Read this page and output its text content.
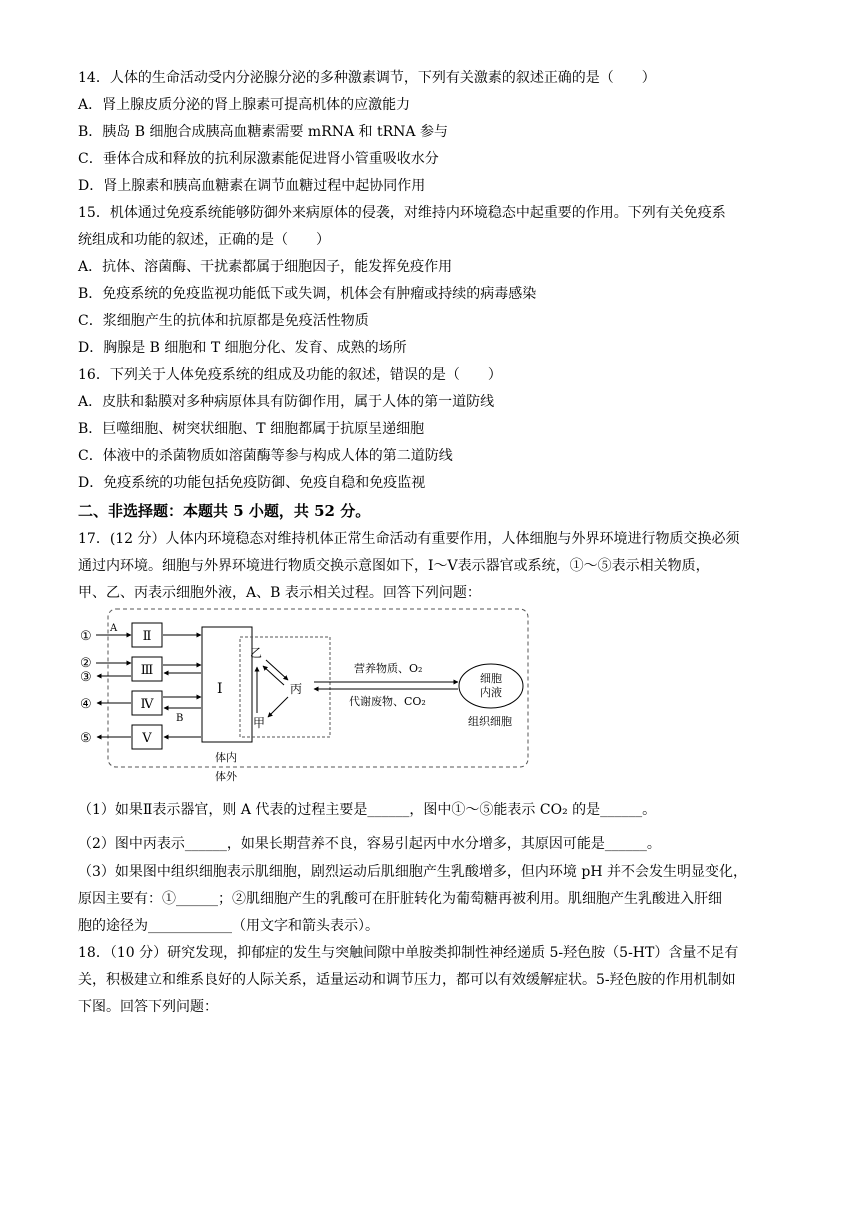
14．人体的生命活动受内分泌腺分泌的多种激素调节，下列有关激素的叙述正确的是（　　）
A．肾上腺皮质分泌的肾上腺素可提高机体的应激能力
B．胰岛 B 细胞合成胰高血糖素需要 mRNA 和 tRNA 参与
C．垂体合成和释放的抗利尿激素能促进肾小管重吸收水分
D．肾上腺素和胰高血糖素在调节血糖过程中起协同作用
15．机体通过免疫系统能够防御外来病原体的侵袭，对维持内环境稳态中起重要的作用。下列有关免疫系
统组成和功能的叙述，正确的是（　　）
A．抗体、溶菌酶、干扰素都属于细胞因子，能发挥免疫作用
B．免疫系统的免疫监视功能低下或失调，机体会有肿瘤或持续的病毒感染
C．浆细胞产生的抗体和抗原都是免疫活性物质
D．胸腺是 B 细胞和 T 细胞分化、发育、成熟的场所
16．下列关于人体免疫系统的组成及功能的叙述，错误的是（　　）
A．皮肤和黏膜对多种病原体具有防御作用，属于人体的第一道防线
B．巨噬细胞、树突状细胞、T 细胞都属于抗原呈递细胞
C．体液中的杀菌物质如溶菌酶等参与构成人体的第二道防线
D．免疫系统的功能包括免疫防御、免疫自稳和免疫监视
二、非选择题：本题共 5 小题，共 52 分。
17．(12 分）人体内环境稳态对维持机体正常生命活动有重要作用，人体细胞与外界环境进行物质交换必须
通过内环境。细胞与外界环境进行物质交换示意图如下，Ⅰ～Ⅴ表示器官或系统，①～⑤表示相关物质，
甲、乙、丙表示细胞外液，A、B 表示相关过程。回答下列问题：
Ⅱ
Ⅲ
Ⅳ
Ⅴ
Ⅰ
①
②
③
④
⑤
A
B
乙
丙
甲
营养物质、O₂
代谢废物、CO₂
细胞
内液
组织细胞
体内
体外
（1）如果Ⅱ表示器官，则 A 代表的过程主要是______，图中①～⑤能表示 CO₂ 的是______。
（2）图中丙表示______，如果长期营养不良，容易引起丙中水分增多，其原因可能是______。
（3）如果图中组织细胞表示肌细胞，剧烈运动后肌细胞产生乳酸增多，但内环境 pH 并不会发生明显变化，
原因主要有：①______；②肌细胞产生的乳酸可在肝脏转化为葡萄糖再被利用。肌细胞产生乳酸进入肝细
胞的途径为____________（用文字和箭头表示）。
18．（10 分）研究发现，抑郁症的发生与突触间隙中单胺类抑制性神经递质 5-羟色胺（5-HT）含量不足有
关，积极建立和维系良好的人际关系，适量运动和调节压力，都可以有效缓解症状。5-羟色胺的作用机制如
下图。回答下列问题：
